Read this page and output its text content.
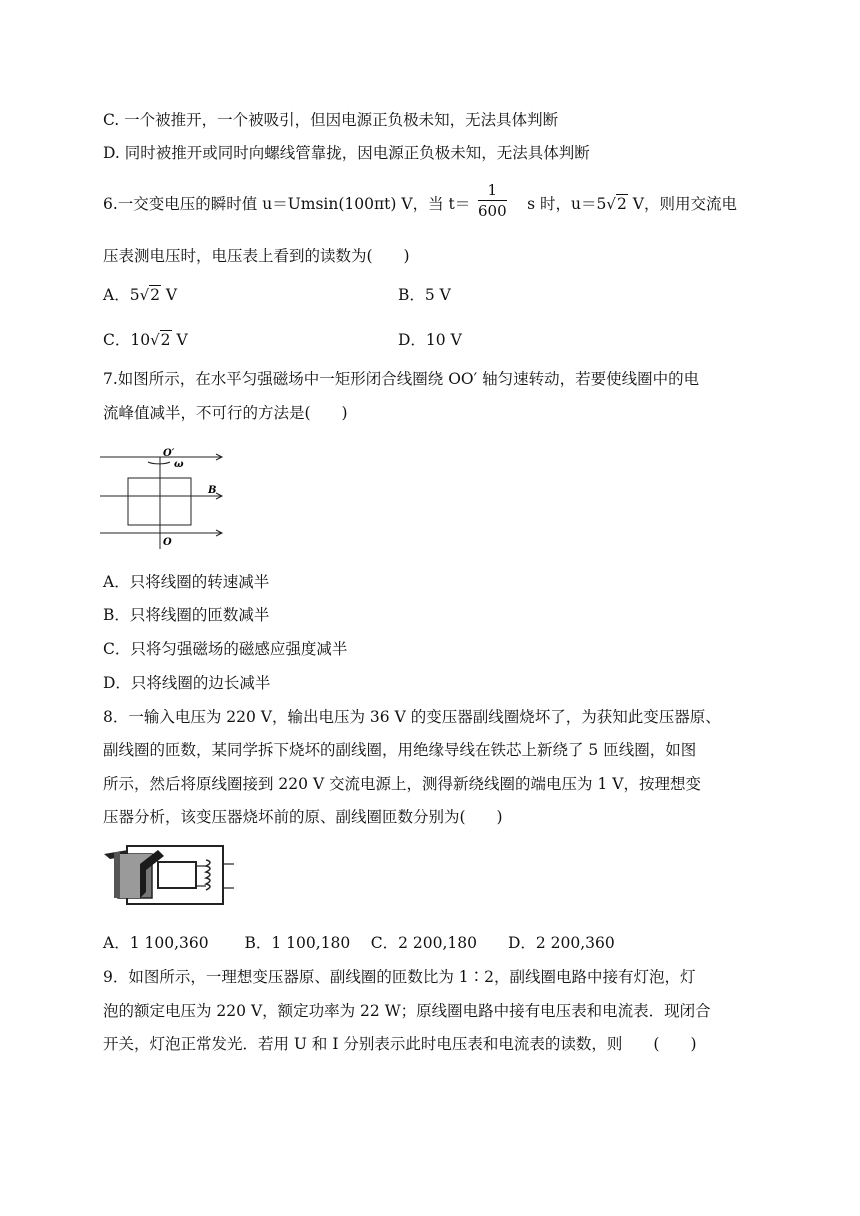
C. 一个被推开，一个被吸引，但因电源正负极未知，无法具体判断
D. 同时被推开或同时向螺线管靠拢，因电源正负极未知，无法具体判断
6.一交变电压的瞬时值 u＝Umsin(100πt) V，当 t＝	s 时，u＝5√2 V，则用交流电
$\frac{1}{600}$
压表测电压时，电压表上看到的读数为(　　)
A．5√2 V	B．5 V
C．10√2 V	D．10 V
7.如图所示，在水平匀强磁场中一矩形闭合线圈绕 OO′ 轴匀速转动，若要使线圈中的电
流峰值减半，不可行的方法是(　　)
O′
ω
B
O
A．只将线圈的转速减半
B．只将线圈的匝数减半
C．只将匀强磁场的磁感应强度减半
D．只将线圈的边长减半
8．一输入电压为 220 V，输出电压为 36 V 的变压器副线圈烧坏了，为获知此变压器原、
副线圈的匝数，某同学拆下烧坏的副线圈，用绝缘导线在铁芯上新绕了 5 匝线圈，如图
所示，然后将原线圈接到 220 V 交流电源上，测得新绕线圈的端电压为 1 V，按理想变
压器分析，该变压器烧坏前的原、副线圈匝数分别为(　　)
A．1 100,360　　 B．1 100,180　 C．2 200,180　　D．2 200,360
9．如图所示，一理想变压器原、副线圈的匝数比为 1∶2，副线圈电路中接有灯泡，灯
泡的额定电压为 220 V，额定功率为 22 W；原线圈电路中接有电压表和电流表．现闭合
开关，灯泡正常发光．若用 U 和 I 分别表示此时电压表和电流表的读数，则　　(　　)
